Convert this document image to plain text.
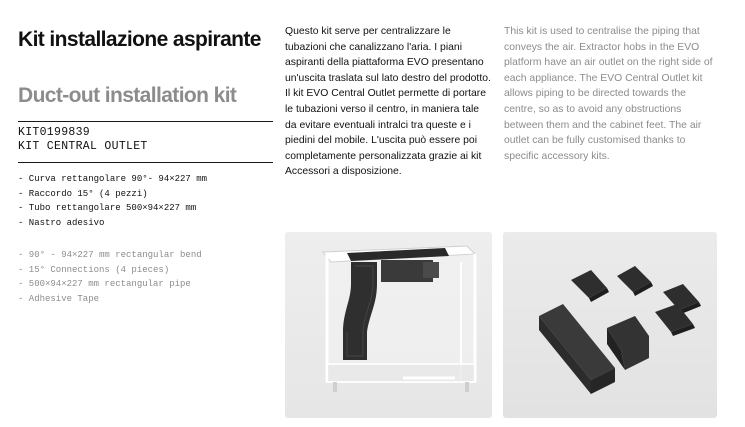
Kit installazione aspirante
Duct-out installation kit
KIT0199839
KIT CENTRAL OUTLET
- Curva rettangolare 90°- 94×227 mm
- Raccordo 15° (4 pezzi)
- Tubo rettangolare 500×94×227 mm
- Nastro adesivo
- 90° - 94×227 mm rectangular bend
- 15° Connections (4 pieces)
- 500×94×227 mm rectangular pipe
- Adhesive Tape

Questo kit serve per centralizzare le tubazioni che canalizzano l'aria. I piani aspiranti della piattaforma EVO presentano un'uscita traslata sul lato destro del prodotto. Il kit EVO Central Outlet permette di portare le tubazioni verso il centro, in maniera tale da evitare eventuali intralci tra queste e i piedini del mobile. L'uscita può essere poi completamente personalizzata grazie ai kit Accessori a disposizione.

This kit is used to centralise the piping that conveys the air. Extractor hobs in the EVO platform have an air outlet on the right side of each appliance. The EVO Central Outlet kit allows piping to be directed towards the centre, so as to avoid any obstructions between them and the cabinet feet. The air outlet can be fully customised thanks to specific accessory kits.
